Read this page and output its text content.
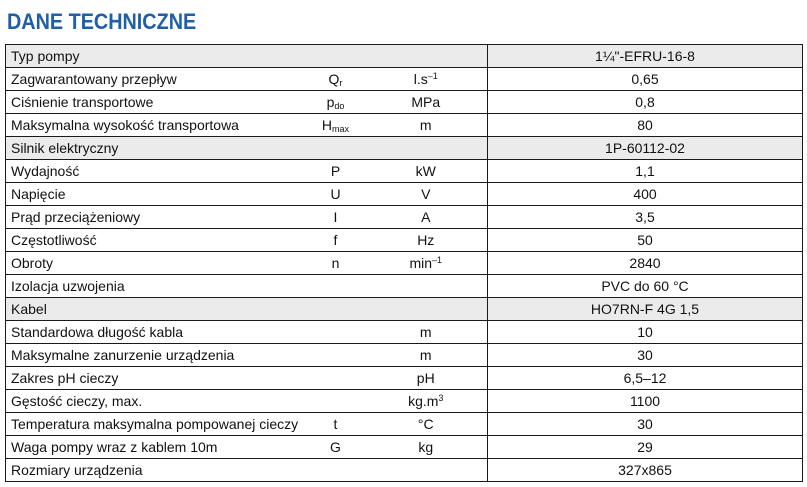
DANE TECHNICZNE
Typ pompy			1¼"-EFRU-16-8
Zagwarantowany przepływ	Qr	$l.s^{-1}$	0,65
Ciśnienie transportowe	pdo	MPa	0,8
Maksymalna wysokość transportowa	Hmax	m	80
Silnik elektryczny			1P-60112-02
Wydajność	P	kW	1,1
Napięcie	U	V	400
Prąd przeciążeniowy	I	A	3,5
Częstotliwość	f	Hz	50
Obroty	n	$\min^{-1}$	2840
Izolacja uzwojenia			PVC do 60 °C
Kabel			HO7RN-F 4G 1,5
Standardowa długość kabla		m	10
Maksymalne zanurzenie urządzenia		m	30
Zakres pH cieczy		pH	6,5–12
Gęstość cieczy, max.		$kg.m^3$	1100
Temperatura maksymalna pompowanej cieczy	t	°C	30
Waga pompy wraz z kablem 10m	G	kg	29
Rozmiary urządzenia			327x865
